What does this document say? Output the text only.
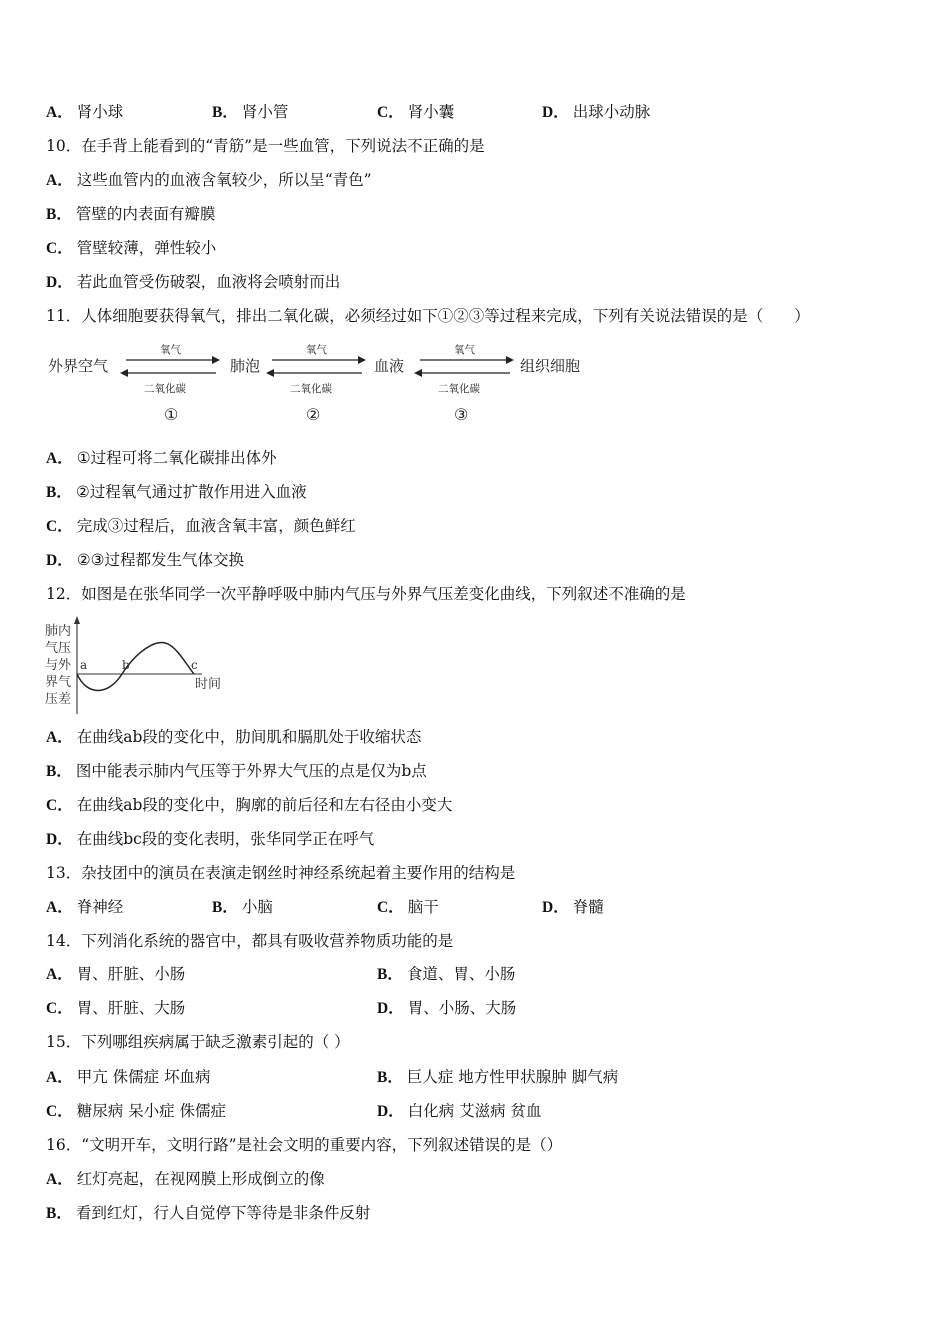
A． 肾小球	B． 肾小管	C． 肾小囊	D． 出球小动脉
10．在手背上能看到的“青筋”是一些血管，下列说法不正确的是
A． 这些血管内的血液含氧较少，所以呈“青色”
B． 管壁的内表面有瓣膜
C． 管壁较薄，弹性较小
D． 若此血管受伤破裂，血液将会喷射而出
11．人体细胞要获得氧气，排出二氧化碳，必须经过如下①②③等过程来完成，下列有关说法错误的是（　　）
外界空气	肺泡	血液	组织细胞
氧气
二氧化碳
氧气
二氧化碳
氧气
二氧化碳
①	②	③
A． ①过程可将二氧化碳排出体外
B． ②过程氧气通过扩散作用进入血液
C． 完成③过程后，血液含氧丰富，颜色鲜红
D． ②③过程都发生气体交换
12．如图是在张华同学一次平静呼吸中肺内气压与外界气压差变化曲线，下列叙述不准确的是
肺内
气压
与外
界气
压差
a	b	c
时间
A． 在曲线ab段的变化中，肋间肌和膈肌处于收缩状态
B． 图中能表示肺内气压等于外界大气压的点是仅为b点
C． 在曲线ab段的变化中，胸廓的前后径和左右径由小变大
D． 在曲线bc段的变化表明，张华同学正在呼气
13．杂技团中的演员在表演走钢丝时神经系统起着主要作用的结构是
A． 脊神经	B． 小脑	C． 脑干	D． 脊髓
14．下列消化系统的器官中，都具有吸收营养物质功能的是
A． 胃、肝脏、小肠	B． 食道、胃、小肠
C． 胃、肝脏、大肠	D． 胃、小肠、大肠
15．下列哪组疾病属于缺乏激素引起的（ ）
A． 甲亢 侏儒症 坏血病	B． 巨人症 地方性甲状腺肿 脚气病
C． 糖尿病 呆小症 侏儒症	D． 白化病 艾滋病 贫血
16．“文明开车，文明行路”是社会文明的重要内容，下列叙述错误的是（）
A． 红灯亮起，在视网膜上形成倒立的像
B． 看到红灯，行人自觉停下等待是非条件反射
